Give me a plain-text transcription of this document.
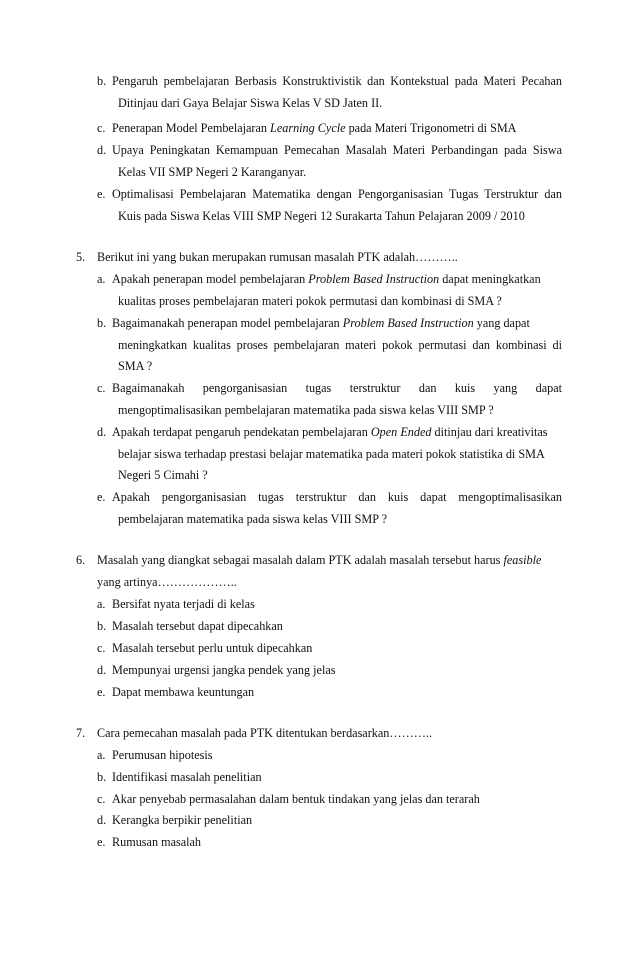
b. Pengaruh pembelajaran Berbasis Konstruktivistik dan Kontekstual pada Materi Pecahan
Ditinjau dari Gaya Belajar Siswa Kelas V SD Jaten II.
c. Penerapan Model Pembelajaran Learning Cycle pada Materi Trigonometri di SMA
d. Upaya Peningkatan Kemampuan Pemecahan Masalah Materi Perbandingan pada Siswa
Kelas VII SMP Negeri 2 Karanganyar.
e. Optimalisasi Pembelajaran Matematika dengan Pengorganisasian Tugas Terstruktur dan
Kuis pada Siswa Kelas VIII SMP Negeri 12 Surakarta Tahun Pelajaran 2009 / 2010
5. Berikut ini yang bukan merupakan rumusan masalah PTK adalah………..
a. Apakah penerapan model pembelajaran Problem Based Instruction dapat meningkatkan
kualitas proses pembelajaran materi pokok permutasi dan kombinasi di SMA ?
b. Bagaimanakah penerapan model pembelajaran Problem Based Instruction yang dapat
meningkatkan kualitas proses pembelajaran materi pokok permutasi dan kombinasi di
SMA ?
c. Bagaimanakah pengorganisasian tugas terstruktur dan kuis yang dapat
mengoptimalisasikan pembelajaran matematika pada siswa kelas VIII SMP ?
d. Apakah terdapat pengaruh pendekatan pembelajaran Open Ended ditinjau dari kreativitas
belajar siswa terhadap prestasi belajar matematika pada materi pokok statistika di SMA
Negeri 5 Cimahi ?
e. Apakah pengorganisasian tugas terstruktur dan kuis dapat mengoptimalisasikan
pembelajaran matematika pada siswa kelas VIII SMP ?
6. Masalah yang diangkat sebagai masalah dalam PTK adalah masalah tersebut harus feasible
yang artinya………………..
a. Bersifat nyata terjadi di kelas
b. Masalah tersebut dapat dipecahkan
c. Masalah tersebut perlu untuk dipecahkan
d. Mempunyai urgensi jangka pendek yang jelas
e. Dapat membawa keuntungan
7. Cara pemecahan masalah pada PTK ditentukan berdasarkan………..
a. Perumusan hipotesis
b. Identifikasi masalah penelitian
c. Akar penyebab permasalahan dalam bentuk tindakan yang jelas dan terarah
d. Kerangka berpikir penelitian
e. Rumusan masalah
